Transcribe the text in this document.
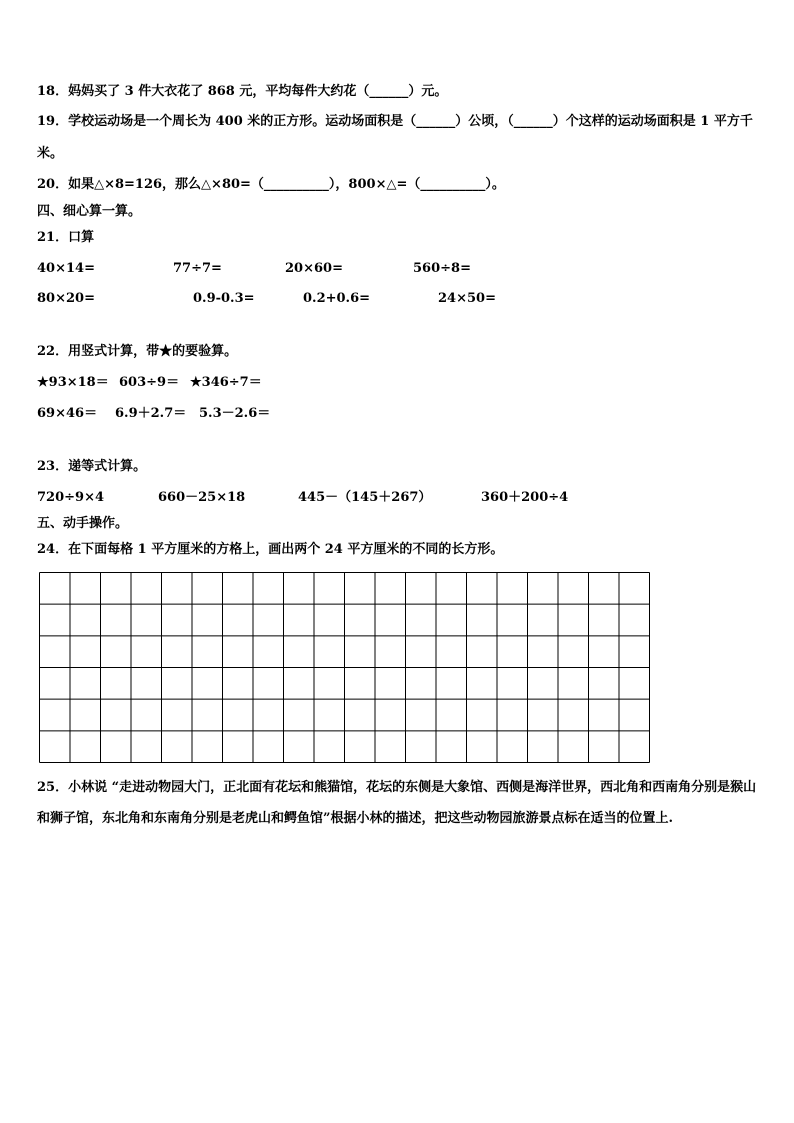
18．妈妈买了 3 件大衣花了 868 元，平均每件大约花（______）元。
19．学校运动场是一个周长为 400 米的正方形。运动场面积是（______）公顷，（______）个这样的运动场面积是 1 平方千米。
20．如果△×8=126，那么△×80=（__________），800×△=（__________）。
四、细心算一算。
21．口算
40×14=	77÷7=	20×60=	560÷8=
80×20=	0.9-0.3=	0.2+0.6=	24×50=
22．用竖式计算，带★的要验算。
★93×18＝ 603÷9＝ ★346÷7＝
69×46＝ 6.9＋2.7＝ 5.3－2.6＝
23．递等式计算。
720÷9×4	660－25×18	445－（145＋267）	360＋200÷4
五、动手操作。
24．在下面每格 1 平方厘米的方格上，画出两个 24 平方厘米的不同的长方形。
25．小林说 “走进动物园大门，正北面有花坛和熊猫馆，花坛的东侧是大象馆、西侧是海洋世界，西北角和西南角分别是猴山和狮子馆，东北角和东南角分别是老虎山和鳄鱼馆”根据小林的描述，把这些动物园旅游景点标在适当的位置上.
